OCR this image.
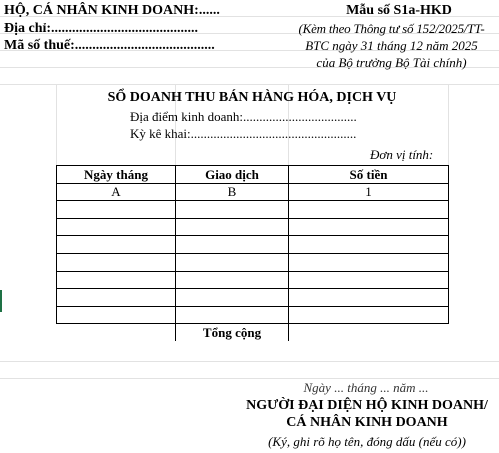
HỘ, CÁ NHÂN KINH DOANH:......
Địa chỉ:..........................................
Mã số thuế:........................................
Mẫu số S1a-HKD
(Kèm theo Thông tư số 152/2025/TT-
BTC ngày 31 tháng 12 năm 2025
của Bộ trưởng Bộ Tài chính)
SỔ DOANH THU BÁN HÀNG HÓA, DỊCH VỤ
Địa điểm kinh doanh:...................................
Kỳ kê khai:...................................................
Đơn vị tính:
Ngày tháng	Giao dịch	Số tiền
A	B	1

	Tổng cộng	
Ngày ... tháng ... năm ...
NGƯỜI ĐẠI DIỆN HỘ KINH DOANH/
CÁ NHÂN KINH DOANH
(Ký, ghi rõ họ tên, đóng dấu (nếu có))
